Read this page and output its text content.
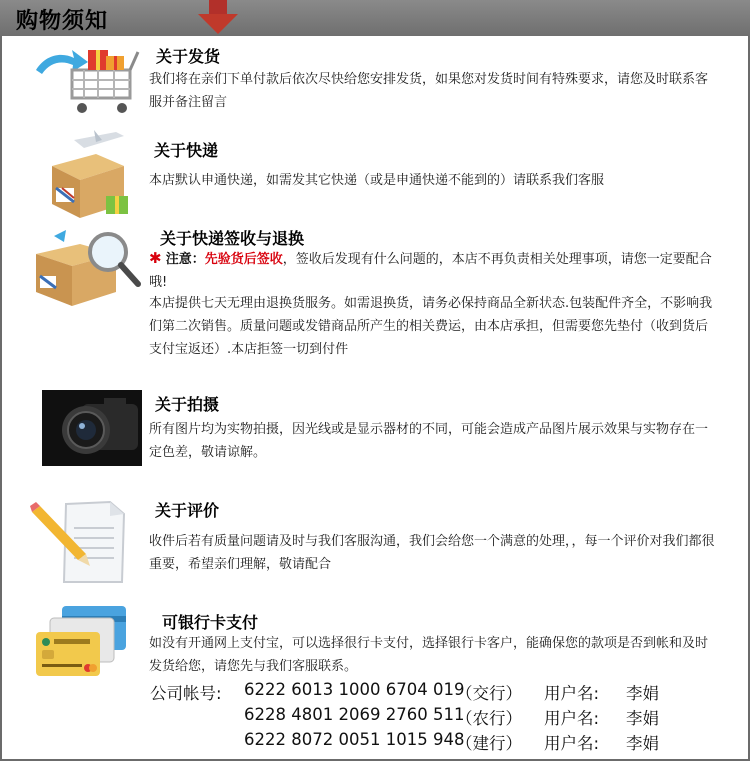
购物须知
关于发货
我们将在亲们下单付款后依次尽快给您安排发货，如果您对发货时间有特殊要求，请您及时联系客服并备注留言
关于快递
本店默认申通快递，如需发其它快递（或是申通快递不能到的）请联系我们客服
关于快递签收与退换
✱ 注意：先验货后签收，签收后发现有什么问题的，本店不再负责相关处理事项，请您一定要配合哦!
本店提供七天无理由退换货服务。如需退换货，请务必保持商品全新状态.包装配件齐全，不影响我们第二次销售。质量问题或发错商品所产生的相关费运，由本店承担，但需要您先垫付（收到货后支付宝返还）.本店拒签一切到付件
关于拍摄
所有图片均为实物拍摄，因光线或是显示器材的不同，可能会造成产品图片展示效果与实物存在一定色差，敬请谅解。
关于评价
收件后若有质量问题请及时与我们客服沟通，我们会给您一个满意的处理，，每一个评价对我们都很重要，希望亲们理解，敬请配合
可银行卡支付
如没有开通网上支付宝，可以选择很行卡支付，选择银行卡客户，能确保您的款项是否到帐和及时发货给您，请您先与我们客服联系。
公司帐号: 6222 6013 1000 6704 019
（交行） 用户名: 李娟
6228 4801 2069 2760 511
（农行） 用户名: 李娟
6222 8072 0051 1015 948
（建行） 用户名: 李娟
